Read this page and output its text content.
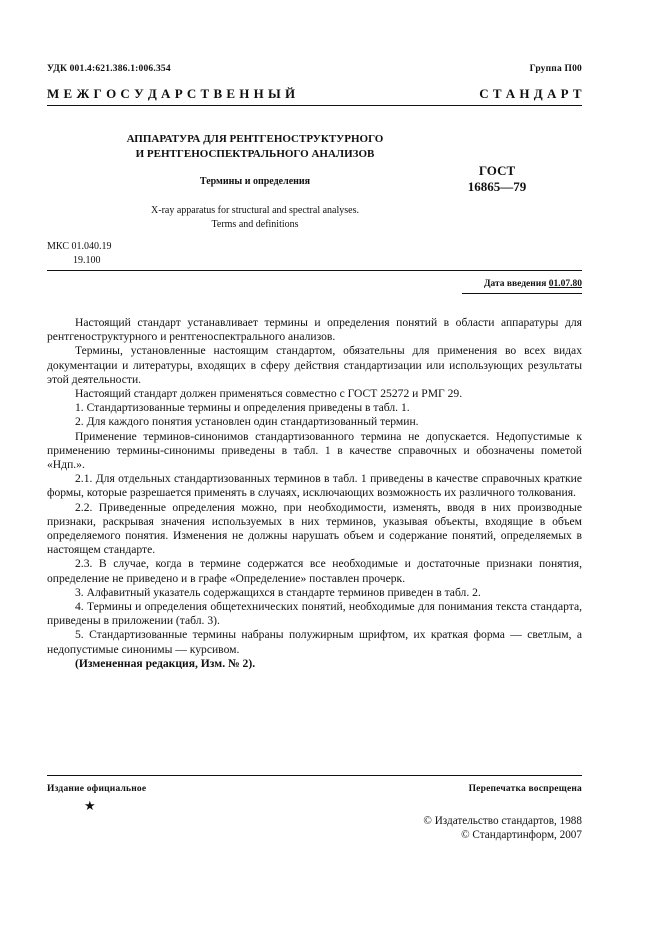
УДК 001.4:621.386.1:006.354	Группа П00
М Е Ж Г О С У Д А Р С Т В Е Н Н Ы Й	С Т А Н Д А Р Т
АППАРАТУРА ДЛЯ РЕНТГЕНОСТРУКТУРНОГО
И РЕНТГЕНОСПЕКТРАЛЬНОГО АНАЛИЗОВ
Термины и определения
ГОСТ
16865—79
X-ray apparatus for structural and spectral analyses.
Terms and definitions
МКС 01.040.19
19.100
Дата введения 01.07.80

Настоящий стандарт устанавливает термины и определения понятий в области аппаратуры для рентгеноструктурного и рентгеноспектрального анализов.

Термины, установленные настоящим стандартом, обязательны для применения во всех видах документации и литературы, входящих в сферу действия стандартизации или использующих результаты этой деятельности.

Настоящий стандарт должен применяться совместно с ГОСТ 25272 и РМГ 29.

1. Стандартизованные термины и определения приведены в табл. 1.

2. Для каждого понятия установлен один стандартизованный термин.

Применение терминов-синонимов стандартизованного термина не допускается. Недопустимые к применению термины-синонимы приведены в табл. 1 в качестве справочных и обозначены пометой «Ндп.».

2.1. Для отдельных стандартизованных терминов в табл. 1 приведены в качестве справочных краткие формы, которые разрешается применять в случаях, исключающих возможность их различного толкования.

2.2. Приведенные определения можно, при необходимости, изменять, вводя в них производные признаки, раскрывая значения используемых в них терминов, указывая объекты, входящие в объем определяемого понятия. Изменения не должны нарушать объем и содержание понятий, определяемых в настоящем стандарте.

2.3. В случае, когда в термине содержатся все необходимые и достаточные признаки понятия, определение не приведено и в графе «Определение» поставлен прочерк.

3. Алфавитный указатель содержащихся в стандарте терминов приведен в табл. 2.

4. Термины и определения общетехнических понятий, необходимые для понимания текста стандарта, приведены в приложении (табл. 3).

5. Стандартизованные термины набраны полужирным шрифтом, их краткая форма — светлым, а недопустимые синонимы — курсивом.

(Измененная редакция, Изм. № 2).

Издание официальное	Перепечатка воспрещена
★
© Издательство стандартов, 1988
© Стандартинформ, 2007
